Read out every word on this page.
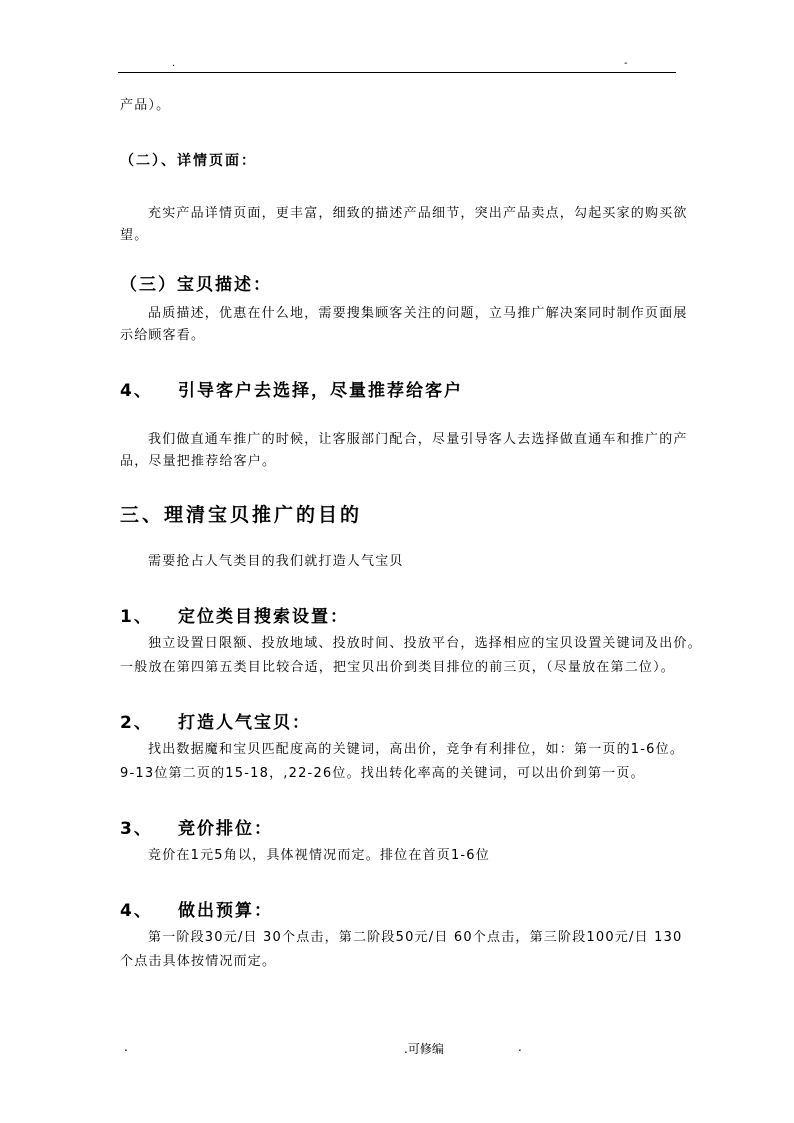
.	-
产品）。
（二）、详情页面：
充实产品详情页面，更丰富，细致的描述产品细节，突出产品卖点，勾起买家的购买欲
望。
（三）宝贝描述：
品质描述，优惠在什么地，需要搜集顾客关注的问题，立马推广解决案同时制作页面展
示给顾客看。
4、 引导客户去选择，尽量推荐给客户
我们做直通车推广的时候，让客服部门配合，尽量引导客人去选择做直通车和推广的产
品，尽量把推荐给客户。
三、理清宝贝推广的目的
需要抢占人气类目的我们就打造人气宝贝
1、 定位类目搜索设置：
独立设置日限额、投放地域、投放时间、投放平台，选择相应的宝贝设置关键词及出价。
一般放在第四第五类目比较合适，把宝贝出价到类目排位的前三页，（尽量放在第二位）。
2、 打造人气宝贝：
找出数据魔和宝贝匹配度高的关键词，高出价，竞争有利排位，如：第一页的1-6位。
9-13位第二页的15-18，,22-26位。找出转化率高的关键词，可以出价到第一页。
3、 竞价排位：
竞价在1元5角以，具体视情况而定。排位在首页1-6位
4、 做出预算：
第一阶段30元/日 30个点击，第二阶段50元/日 60个点击，第三阶段100元/日 130
个点击具体按情况而定。
.	.可修编	.
